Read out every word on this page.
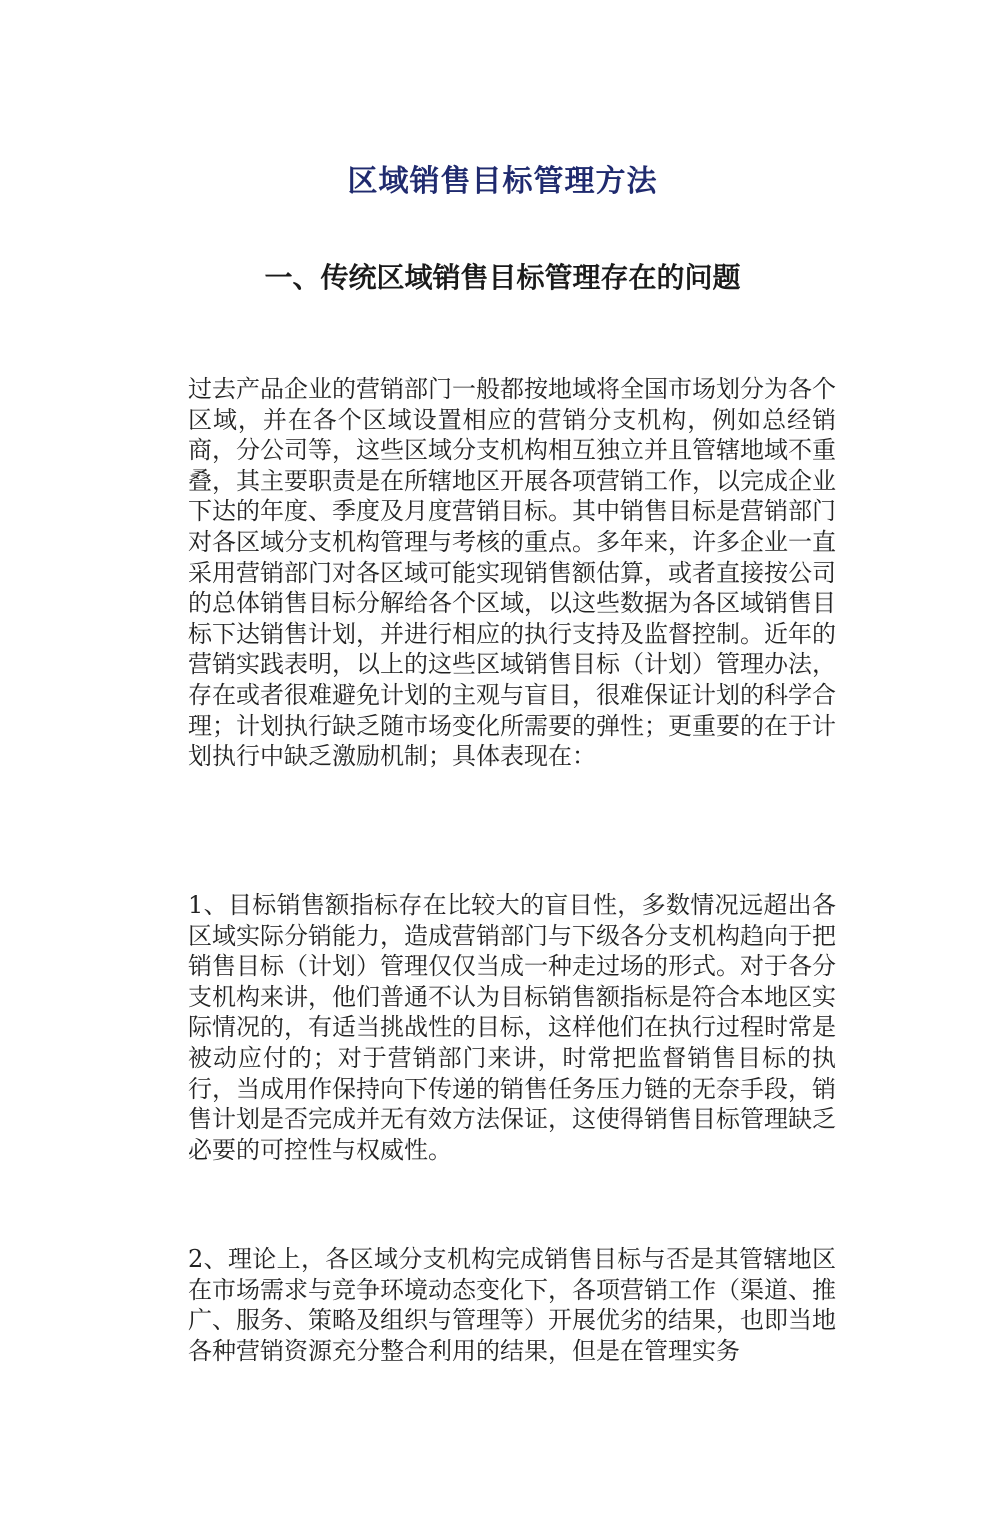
区域销售目标管理方法
一、传统区域销售目标管理存在的问题

过去产品企业的营销部门一般都按地域将全国市场划分为各个区域，并在各个区域设置相应的营销分支机构，例如总经销商，分公司等，这些区域分支机构相互独立并且管辖地域不重叠，其主要职责是在所辖地区开展各项营销工作，以完成企业下达的年度、季度及月度营销目标。其中销售目标是营销部门对各区域分支机构管理与考核的重点。多年来，许多企业一直采用营销部门对各区域可能实现销售额估算，或者直接按公司的总体销售目标分解给各个区域，以这些数据为各区域销售目标下达销售计划，并进行相应的执行支持及监督控制。近年的营销实践表明，以上的这些区域销售目标（计划）管理办法，存在或者很难避免计划的主观与盲目，很难保证计划的科学合理；计划执行缺乏随市场变化所需要的弹性；更重要的在于计划执行中缺乏激励机制；具体表现在：

1、目标销售额指标存在比较大的盲目性，多数情况远超出各区域实际分销能力，造成营销部门与下级各分支机构趋向于把销售目标（计划）管理仅仅当成一种走过场的形式。对于各分支机构来讲，他们普通不认为目标销售额指标是符合本地区实际情况的，有适当挑战性的目标，这样他们在执行过程时常是被动应付的；对于营销部门来讲，时常把监督销售目标的执行，当成用作保持向下传递的销售任务压力链的无奈手段，销售计划是否完成并无有效方法保证，这使得销售目标管理缺乏必要的可控性与权威性。

2、理论上，各区域分支机构完成销售目标与否是其管辖地区在市场需求与竞争环境动态变化下，各项营销工作（渠道、推广、服务、策略及组织与管理等）开展优劣的结果，也即当地各种营销资源充分整合利用的结果，但是在管理实务
